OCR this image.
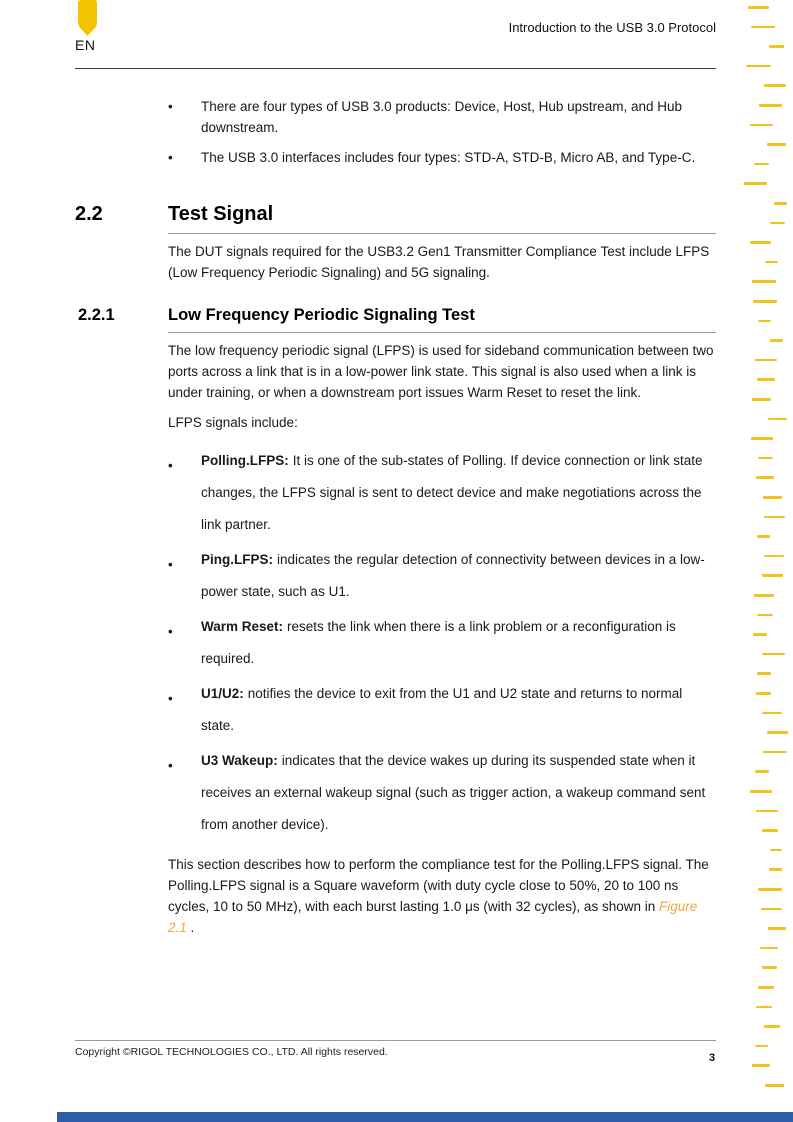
EN
Introduction to the USB 3.0 Protocol
• There are four types of USB 3.0 products: Device, Host, Hub upstream, and Hub downstream.
• The USB 3.0 interfaces includes four types: STD-A, STD-B, Micro AB, and Type-C.
2.2	Test Signal

The DUT signals required for the USB3.2 Gen1 Transmitter Compliance Test include LFPS (Low Frequency Periodic Signaling) and 5G signaling.

2.2.1	Low Frequency Periodic Signaling Test

The low frequency periodic signal (LFPS) is used for sideband communication between two ports across a link that is in a low-power link state. This signal is also used when a link is under training, or when a downstream port issues Warm Reset to reset the link.

LFPS signals include:

• Polling.LFPS: It is one of the sub-states of Polling. If device connection or link state changes, the LFPS signal is sent to detect device and make negotiations across the link partner.
• Ping.LFPS: indicates the regular detection of connectivity between devices in a low-power state, such as U1.
• Warm Reset: resets the link when there is a link problem or a reconfiguration is required.
• U1/U2: notifies the device to exit from the U1 and U2 state and returns to normal state.
• U3 Wakeup: indicates that the device wakes up during its suspended state when it receives an external wakeup signal (such as trigger action, a wakeup command sent from another device).

This section describes how to perform the compliance test for the Polling.LFPS signal. The Polling.LFPS signal is a Square waveform (with duty cycle close to 50%, 20 to 100 ns cycles, 10 to 50 MHz), with each burst lasting 1.0 μs (with 32 cycles), as shown in Figure 2.1 .

Copyright ©RIGOL TECHNOLOGIES CO., LTD. All rights reserved.	3
